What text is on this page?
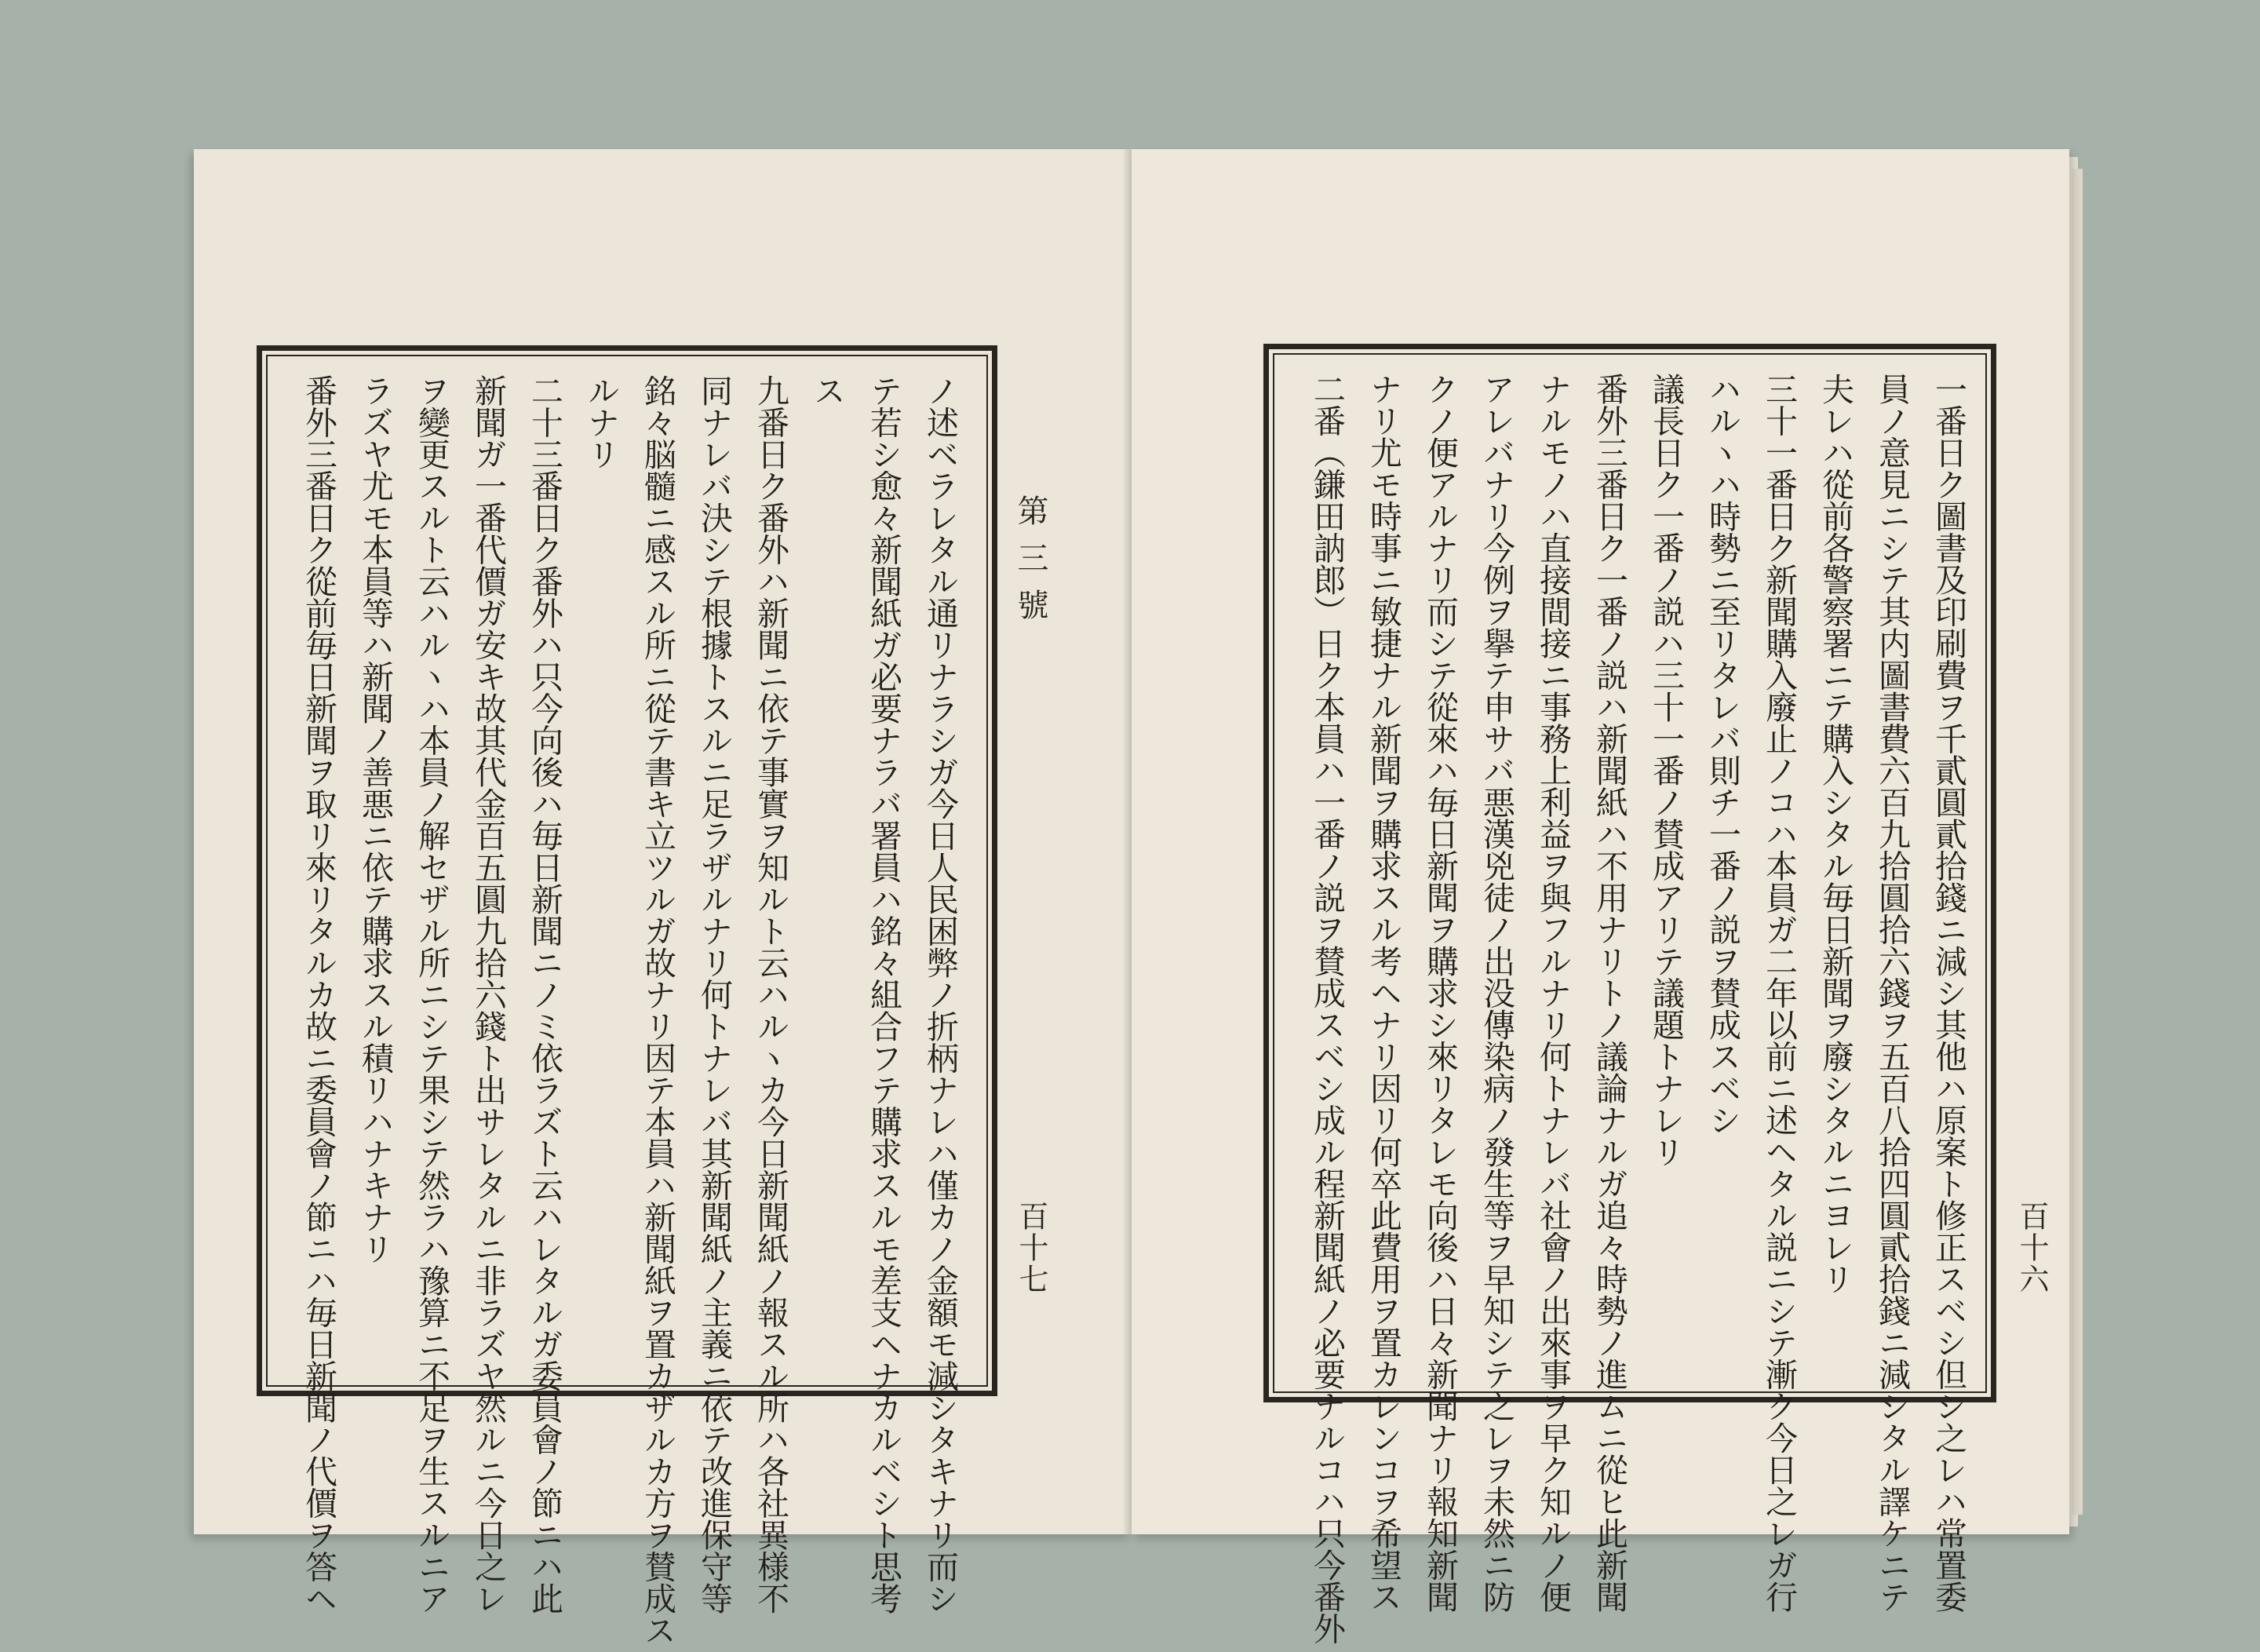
ノ述ベラレタル通リナラシガ今日人民困弊ノ折柄ナレハ僅カノ金額モ減シタキナリ而シ
テ若シ愈々新聞紙ガ必要ナラバ署員ハ銘々組合フテ購求スルモ差支ヘナカルベシト思考
ス
九番日ク番外ハ新聞ニ依テ事實ヲ知ルト云ハルヽカ今日新聞紙ノ報スル所ハ各社異様不
同ナレバ決シテ根據トスルニ足ラザルナリ何トナレバ其新聞紙ノ主義ニ依テ改進保守等
銘々脳髓ニ感スル所ニ從テ書キ立ツルガ故ナリ因テ本員ハ新聞紙ヲ置カザルカ方ヲ賛成ス
ルナリ
二十三番日ク番外ハ只今向後ハ毎日新聞ニノミ依ラズト云ハレタルガ委員會ノ節ニハ此
新聞ガ一番代價ガ安キ故其代金百五圓九拾六錢ト出サレタルニ非ラズヤ然ルニ今日之レ
ヲ變更スルト云ハルヽハ本員ノ解セザル所ニシテ果シテ然ラハ豫算ニ不足ヲ生スルニア
ラズヤ尤モ本員等ハ新聞ノ善悪ニ依テ購求スル積リハナキナリ
番外三番日ク從前毎日新聞ヲ取リ來リタルカ故ニ委員會ノ節ニハ毎日新聞ノ代價ヲ答ヘ	第三號
百十七	一番日ク圖書及印刷費ヲ千貳圓貳拾錢ニ減シ其他ハ原案ト修正スベシ但シ之レハ常置委
員ノ意見ニシテ其内圖書費六百九拾圓拾六錢ヲ五百八拾四圓貳拾錢ニ減シタル譯ケニテ
夫レハ從前各警察署ニテ購入シタル毎日新聞ヲ廢シタルニヨレリ
三十一番日ク新聞購入廢止ノコハ本員ガ二年以前ニ述ヘタル説ニシテ漸ク今日之レガ行
ハルヽハ時勢ニ至リタレバ則チ一番ノ説ヲ賛成スベシ
議長日ク一番ノ説ハ三十一番ノ賛成アリテ議題トナレリ
番外三番日ク一番ノ説ハ新聞紙ハ不用ナリトノ議論ナルガ追々時勢ノ進ムニ從ヒ此新聞
ナルモノハ直接間接ニ事務上利益ヲ與フルナリ何トナレバ社會ノ出來事ヲ早ク知ルノ便
アレバナリ今例ヲ擧テ申サバ悪漢兇徒ノ出没傳染病ノ發生等ヲ早知シテ之レヲ未然ニ防
クノ便アルナリ而シテ從來ハ毎日新聞ヲ購求シ來リタレモ向後ハ日々新聞ナリ報知新聞
ナリ尤モ時事ニ敏捷ナル新聞ヲ購求スル考ヘナリ因リ何卒此費用ヲ置カレンコヲ希望ス
二番（鎌田訥郎）日ク本員ハ一番ノ説ヲ賛成スベシ成ル程新聞紙ノ必要ナルコハ只今番外	百十六
